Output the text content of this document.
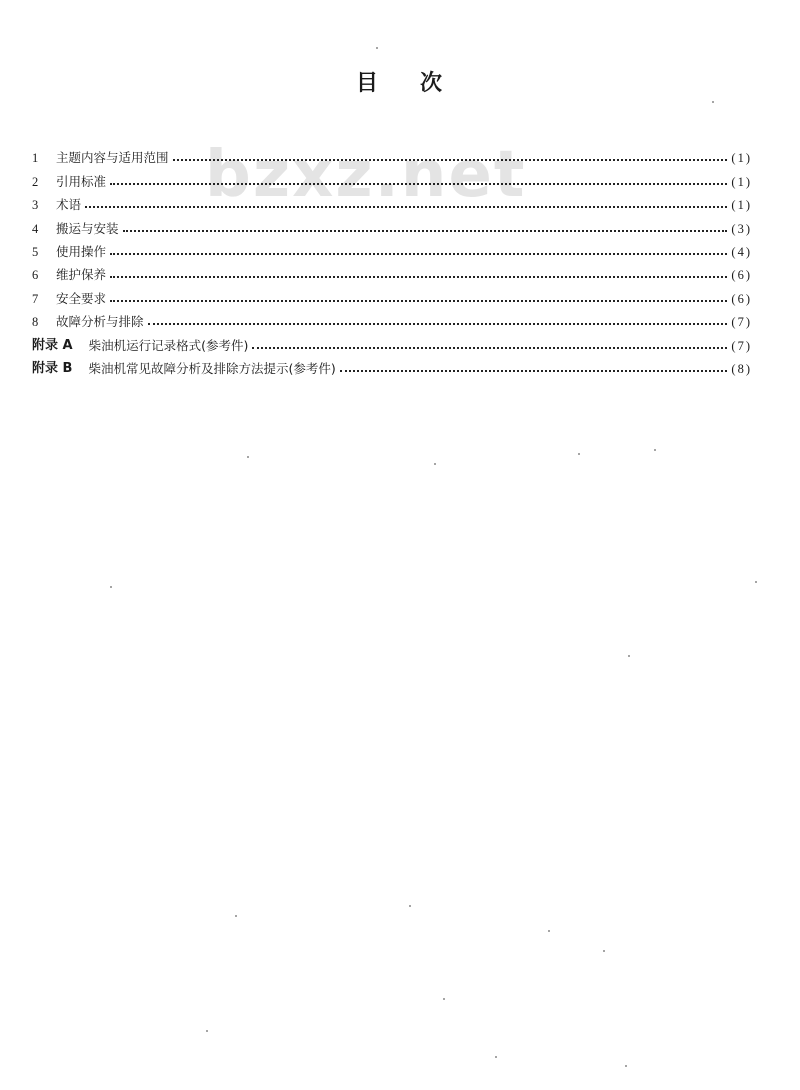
目 次
bzxz.net
1	主题内容与适用范围	(1)
2	引用标准	(1)
3	术语	(1)
4	搬运与安装	(3)
5	使用操作	(4)
6	维护保养	(6)
7	安全要求	(6)
8	故障分析与排除	(7)
附录 A 柴油机运行记录格式(参考件)	(7)
附录 B 柴油机常见故障分析及排除方法提示(参考件)	(8)
